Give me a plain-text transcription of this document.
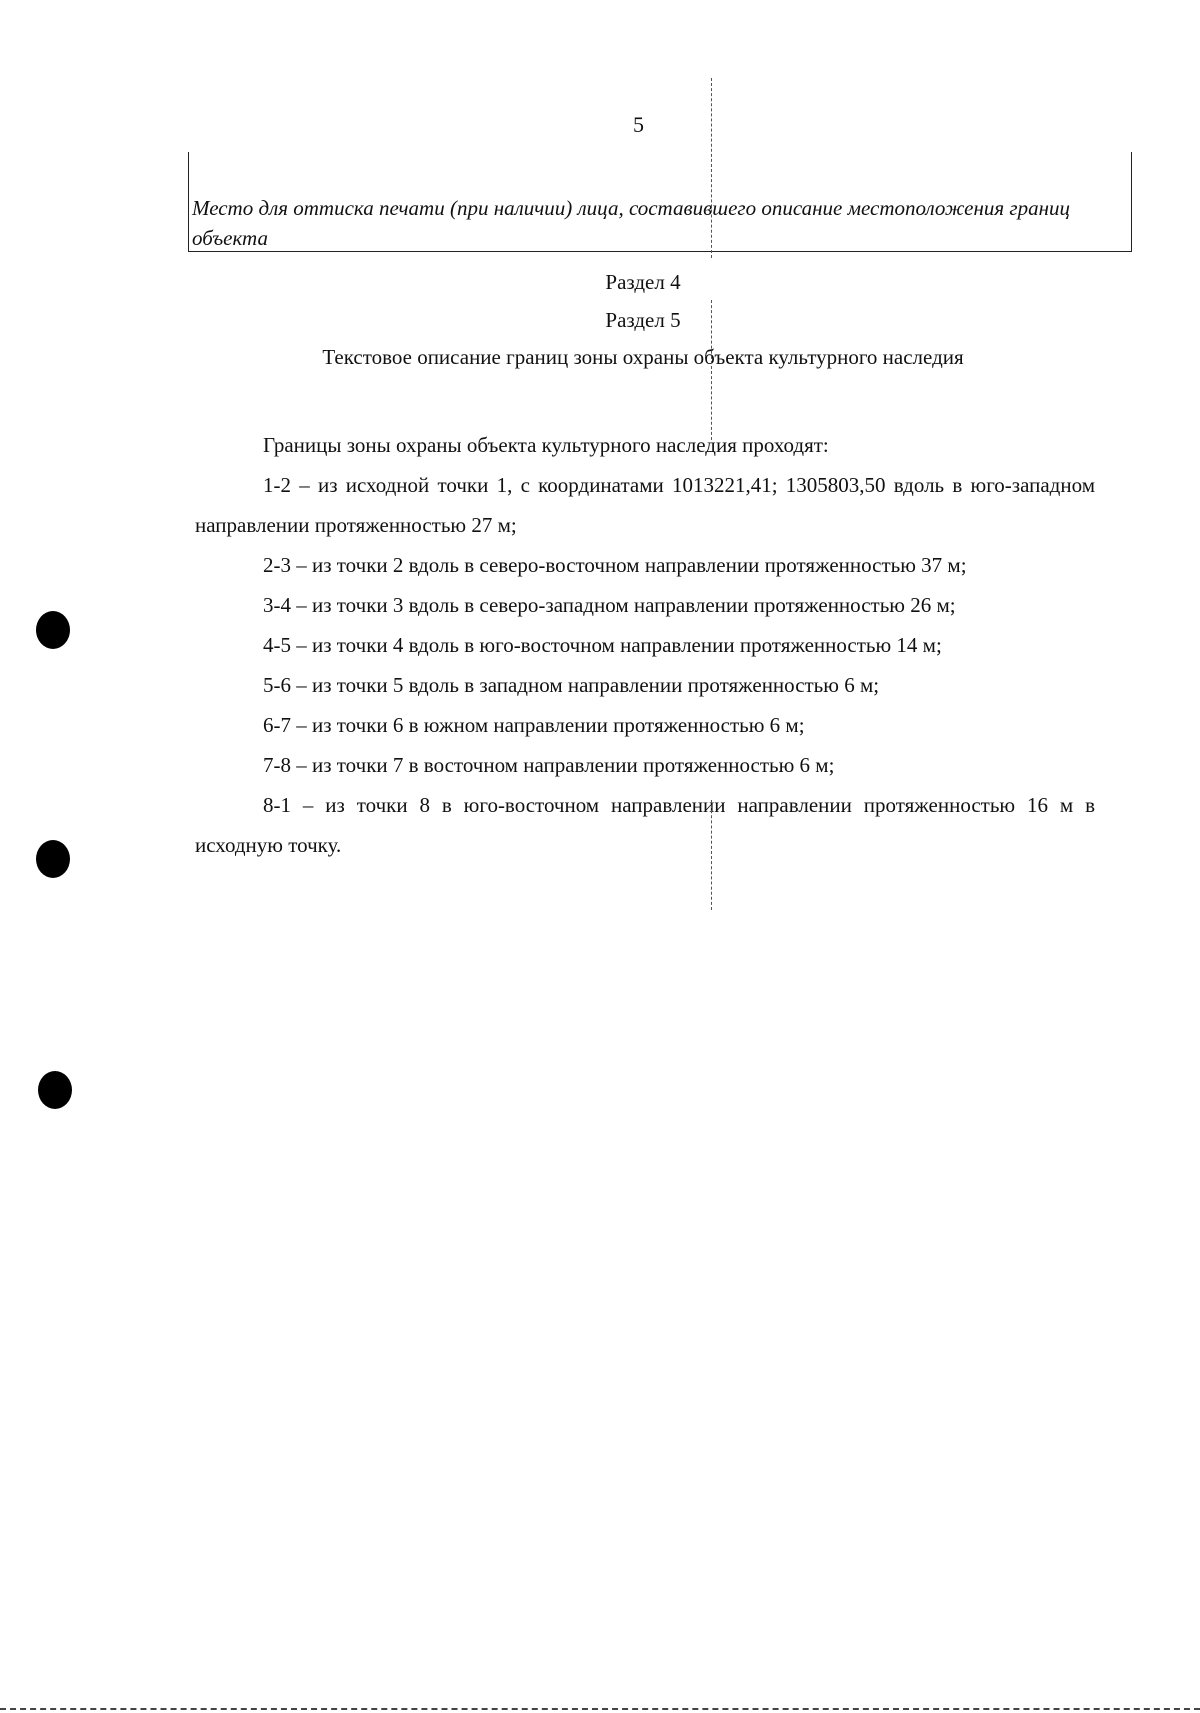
5
Место для оттиска печати (при наличии) лица, составившего описание местоположения границ объекта
Раздел 4
Раздел 5
Текстовое описание границ зоны охраны объекта культурного наследия

Границы зоны охраны объекта культурного наследия проходят:

1-2 – из исходной точки 1, с координатами 1013221,41; 1305803,50 вдоль в юго-западном направлении протяженностью 27 м;

2-3 – из точки 2 вдоль в северо-восточном направлении протяженностью 37 м;

3-4 – из точки 3 вдоль в северо-западном направлении протяженностью 26 м;

4-5 – из точки 4 вдоль в юго-восточном направлении протяженностью 14 м;

5-6 – из точки 5 вдоль в западном направлении протяженностью 6 м;

6-7 – из точки 6 в южном направлении протяженностью 6 м;

7-8 – из точки 7 в восточном направлении протяженностью 6 м;

8-1 – из точки 8 в юго-восточном направлении направлении протяженностью 16 м в исходную точку.
